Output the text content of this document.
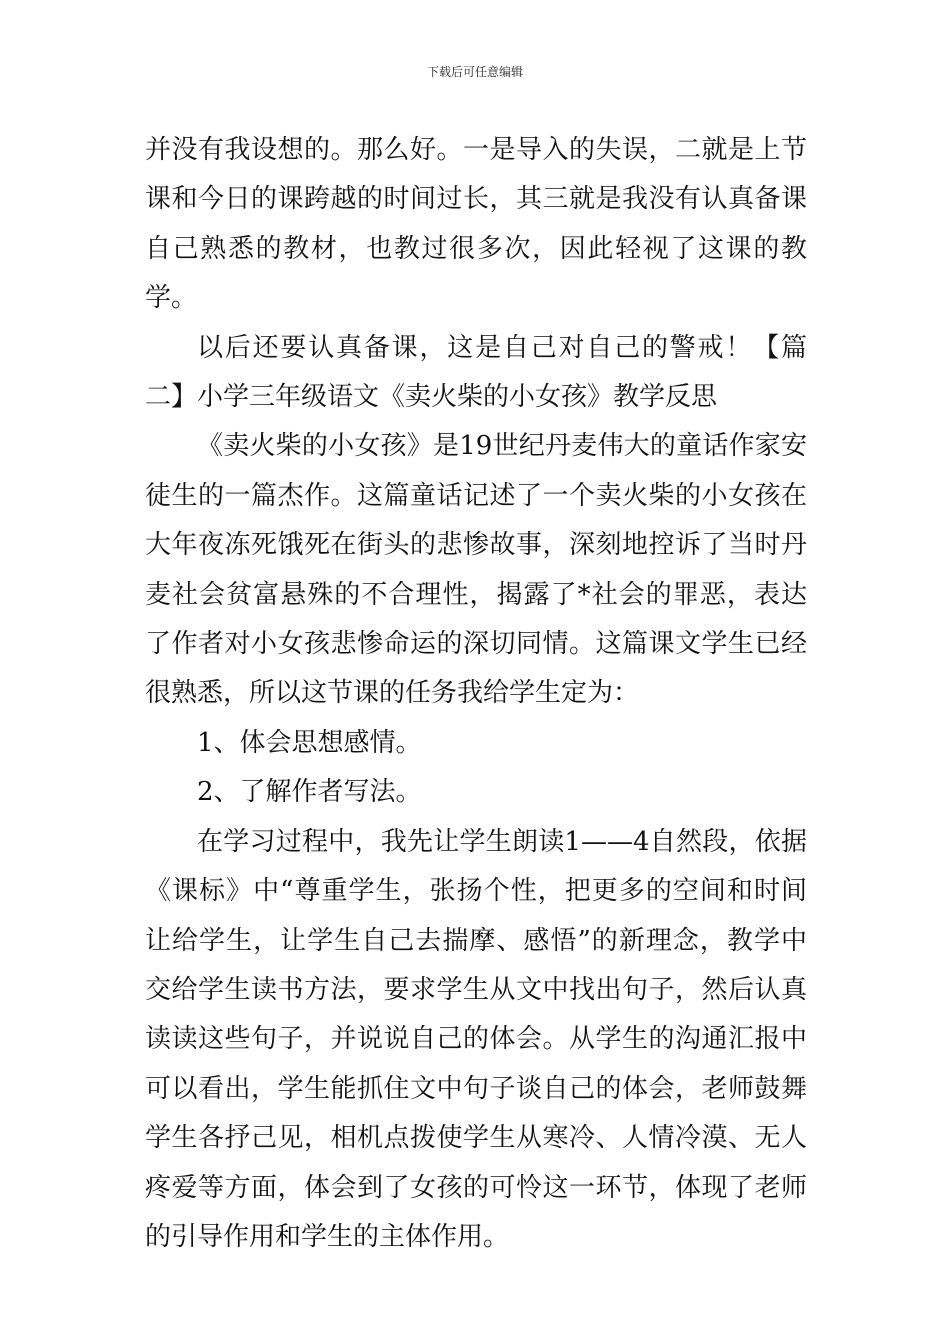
下载后可任意编辑

并没有我设想的。那么好。一是导入的失误，二就是上节课和今日的课跨越的时间过长，其三就是我没有认真备课自己熟悉的教材，也教过很多次，因此轻视了这课的教学。

以后还要认真备课，这是自己对自己的警戒！【篇二】小学三年级语文《卖火柴的小女孩》教学反思

《卖火柴的小女孩》是19世纪丹麦伟大的童话作家安徒生的一篇杰作。这篇童话记述了一个卖火柴的小女孩在大年夜冻死饿死在街头的悲惨故事，深刻地控诉了当时丹麦社会贫富悬殊的不合理性，揭露了*社会的罪恶，表达了作者对小女孩悲惨命运的深切同情。这篇课文学生已经很熟悉，所以这节课的任务我给学生定为：

1、体会思想感情。

2、了解作者写法。

在学习过程中，我先让学生朗读1——4自然段，依据《课标》中“尊重学生，张扬个性，把更多的空间和时间让给学生，让学生自己去揣摩、感悟”的新理念，教学中交给学生读书方法，要求学生从文中找出句子，然后认真读读这些句子，并说说自己的体会。从学生的沟通汇报中可以看出，学生能抓住文中句子谈自己的体会，老师鼓舞学生各抒己见，相机点拨使学生从寒冷、人情冷漠、无人疼爱等方面，体会到了女孩的可怜这一环节，体现了老师的引导作用和学生的主体作用。
